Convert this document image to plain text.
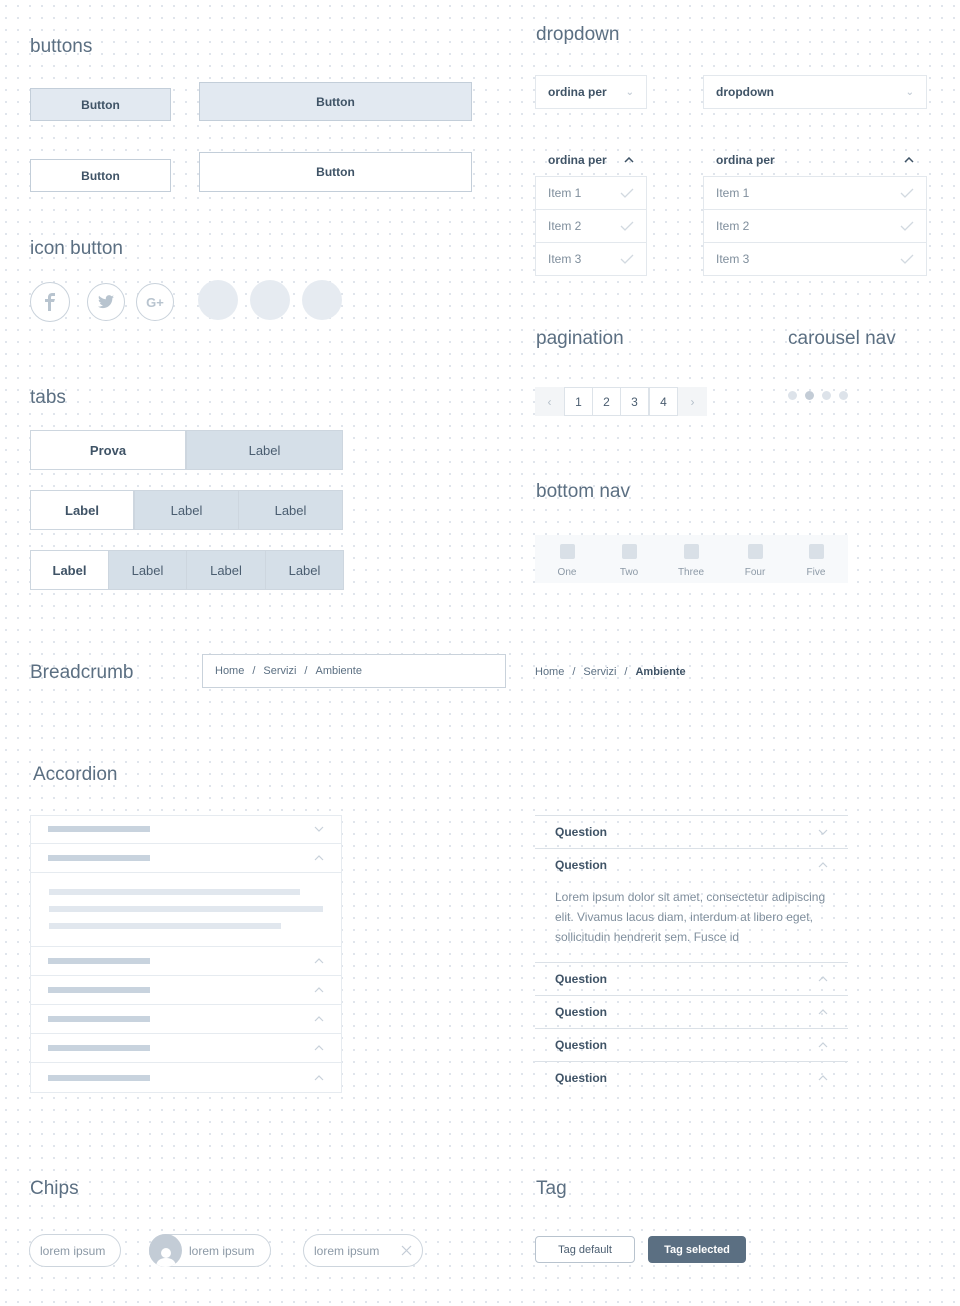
buttons
Button	Button
Button	Button
icon button
G+
tabs
Prova	Label
Label	Label	Label
Label	Label	Label	Label
dropdown
ordina per ⌄	dropdown	⌄
ordina per
Item 1
Item 2
Item 3
ordina per
Item 1
Item 2
Item 3
pagination
‹	1	2	3	4	›
carousel nav
bottom nav
One	Two	Three	Four	Five
Breadcrumb	Home / Servizi / Ambiente	Home / Servizi / Ambiente
Accordion
Question
Question
Lorem ipsum dolor sit amet, consectetur adipiscing elit. Vivamus lacus diam, interdum at libero eget, sollicitudin hendrerit sem. Fusce id
Question
Question
Question
Question
Chips
lorem ipsum	lorem ipsum	lorem ipsum
Tag
Tag default	Tag selected
